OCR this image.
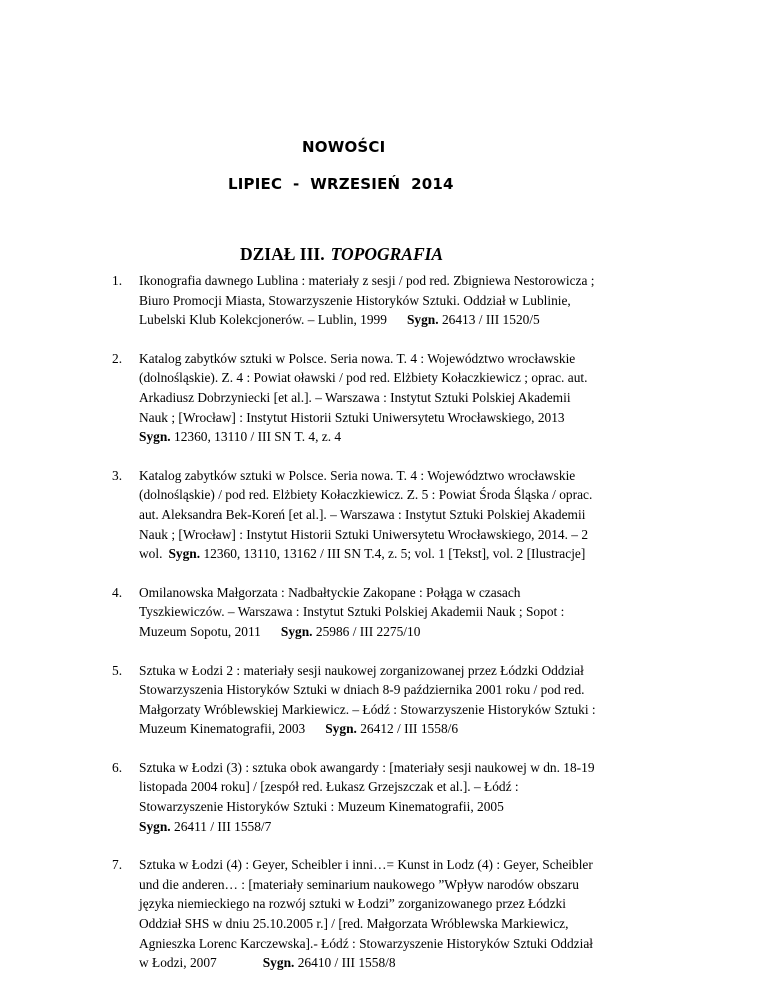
NOWOŚCI
LIPIEC  -  WRZESIEŃ  2014
DZIAŁ III. TOPOGRAFIA
1. Ikonografia dawnego Lublina : materiały z sesji / pod red. Zbigniewa Nestorowicza ;
Biuro Promocji Miasta, Stowarzyszenie Historyków Sztuki. Oddział w Lublinie,
Lubelski Klub Kolekcjonerów. – Lublin, 1999 Sygn. 26413 / III 1520/5
2. Katalog zabytków sztuki w Polsce. Seria nowa. T. 4 : Województwo wrocławskie
(dolnośląskie). Z. 4 : Powiat oławski / pod red. Elżbiety Kołaczkiewicz ; oprac. aut.
Arkadiusz Dobrzyniecki [et al.]. – Warszawa : Instytut Sztuki Polskiej Akademii
Nauk ; [Wrocław] : Instytut Historii Sztuki Uniwersytetu Wrocławskiego, 2013
Sygn. 12360, 13110 / III SN T. 4, z. 4
3. Katalog zabytków sztuki w Polsce. Seria nowa. T. 4 : Województwo wrocławskie
(dolnośląskie) / pod red. Elżbiety Kołaczkiewicz. Z. 5 : Powiat Środa Śląska / oprac.
aut. Aleksandra Bek-Koreń [et al.]. – Warszawa : Instytut Sztuki Polskiej Akademii
Nauk ; [Wrocław] : Instytut Historii Sztuki Uniwersytetu Wrocławskiego, 2014. – 2
wol. Sygn. 12360, 13110, 13162 / III SN T.4, z. 5; vol. 1 [Tekst], vol. 2 [Ilustracje]
4. Omilanowska Małgorzata : Nadbałtyckie Zakopane : Połąga w czasach
Tyszkiewiczów. – Warszawa : Instytut Sztuki Polskiej Akademii Nauk ; Sopot :
Muzeum Sopotu, 2011 Sygn. 25986 / III 2275/10
5. Sztuka w Łodzi 2 : materiały sesji naukowej zorganizowanej przez Łódzki Oddział
Stowarzyszenia Historyków Sztuki w dniach 8-9 października 2001 roku / pod red.
Małgorzaty Wróblewskiej Markiewicz. – Łódź : Stowarzyszenie Historyków Sztuki :
Muzeum Kinematografii, 2003 Sygn. 26412 / III 1558/6
6. Sztuka w Łodzi (3) : sztuka obok awangardy : [materiały sesji naukowej w dn. 18-19
listopada 2004 roku] / [zespół red. Łukasz Grzejszczak et al.]. – Łódź :
Stowarzyszenie Historyków Sztuki : Muzeum Kinematografii, 2005
Sygn. 26411 / III 1558/7
7. Sztuka w Łodzi (4) : Geyer, Scheibler i inni…= Kunst in Lodz (4) : Geyer, Scheibler
und die anderen… : [materiały seminarium naukowego ”Wpływ narodów obszaru
języka niemieckiego na rozwój sztuki w Łodzi” zorganizowanego przez Łódzki
Oddział SHS w dniu 25.10.2005 r.] / [red. Małgorzata Wróblewska Markiewicz,
Agnieszka Lorenc Karczewska].- Łódź : Stowarzyszenie Historyków Sztuki Oddział
w Łodzi, 2007	Sygn. 26410 / III 1558/8
